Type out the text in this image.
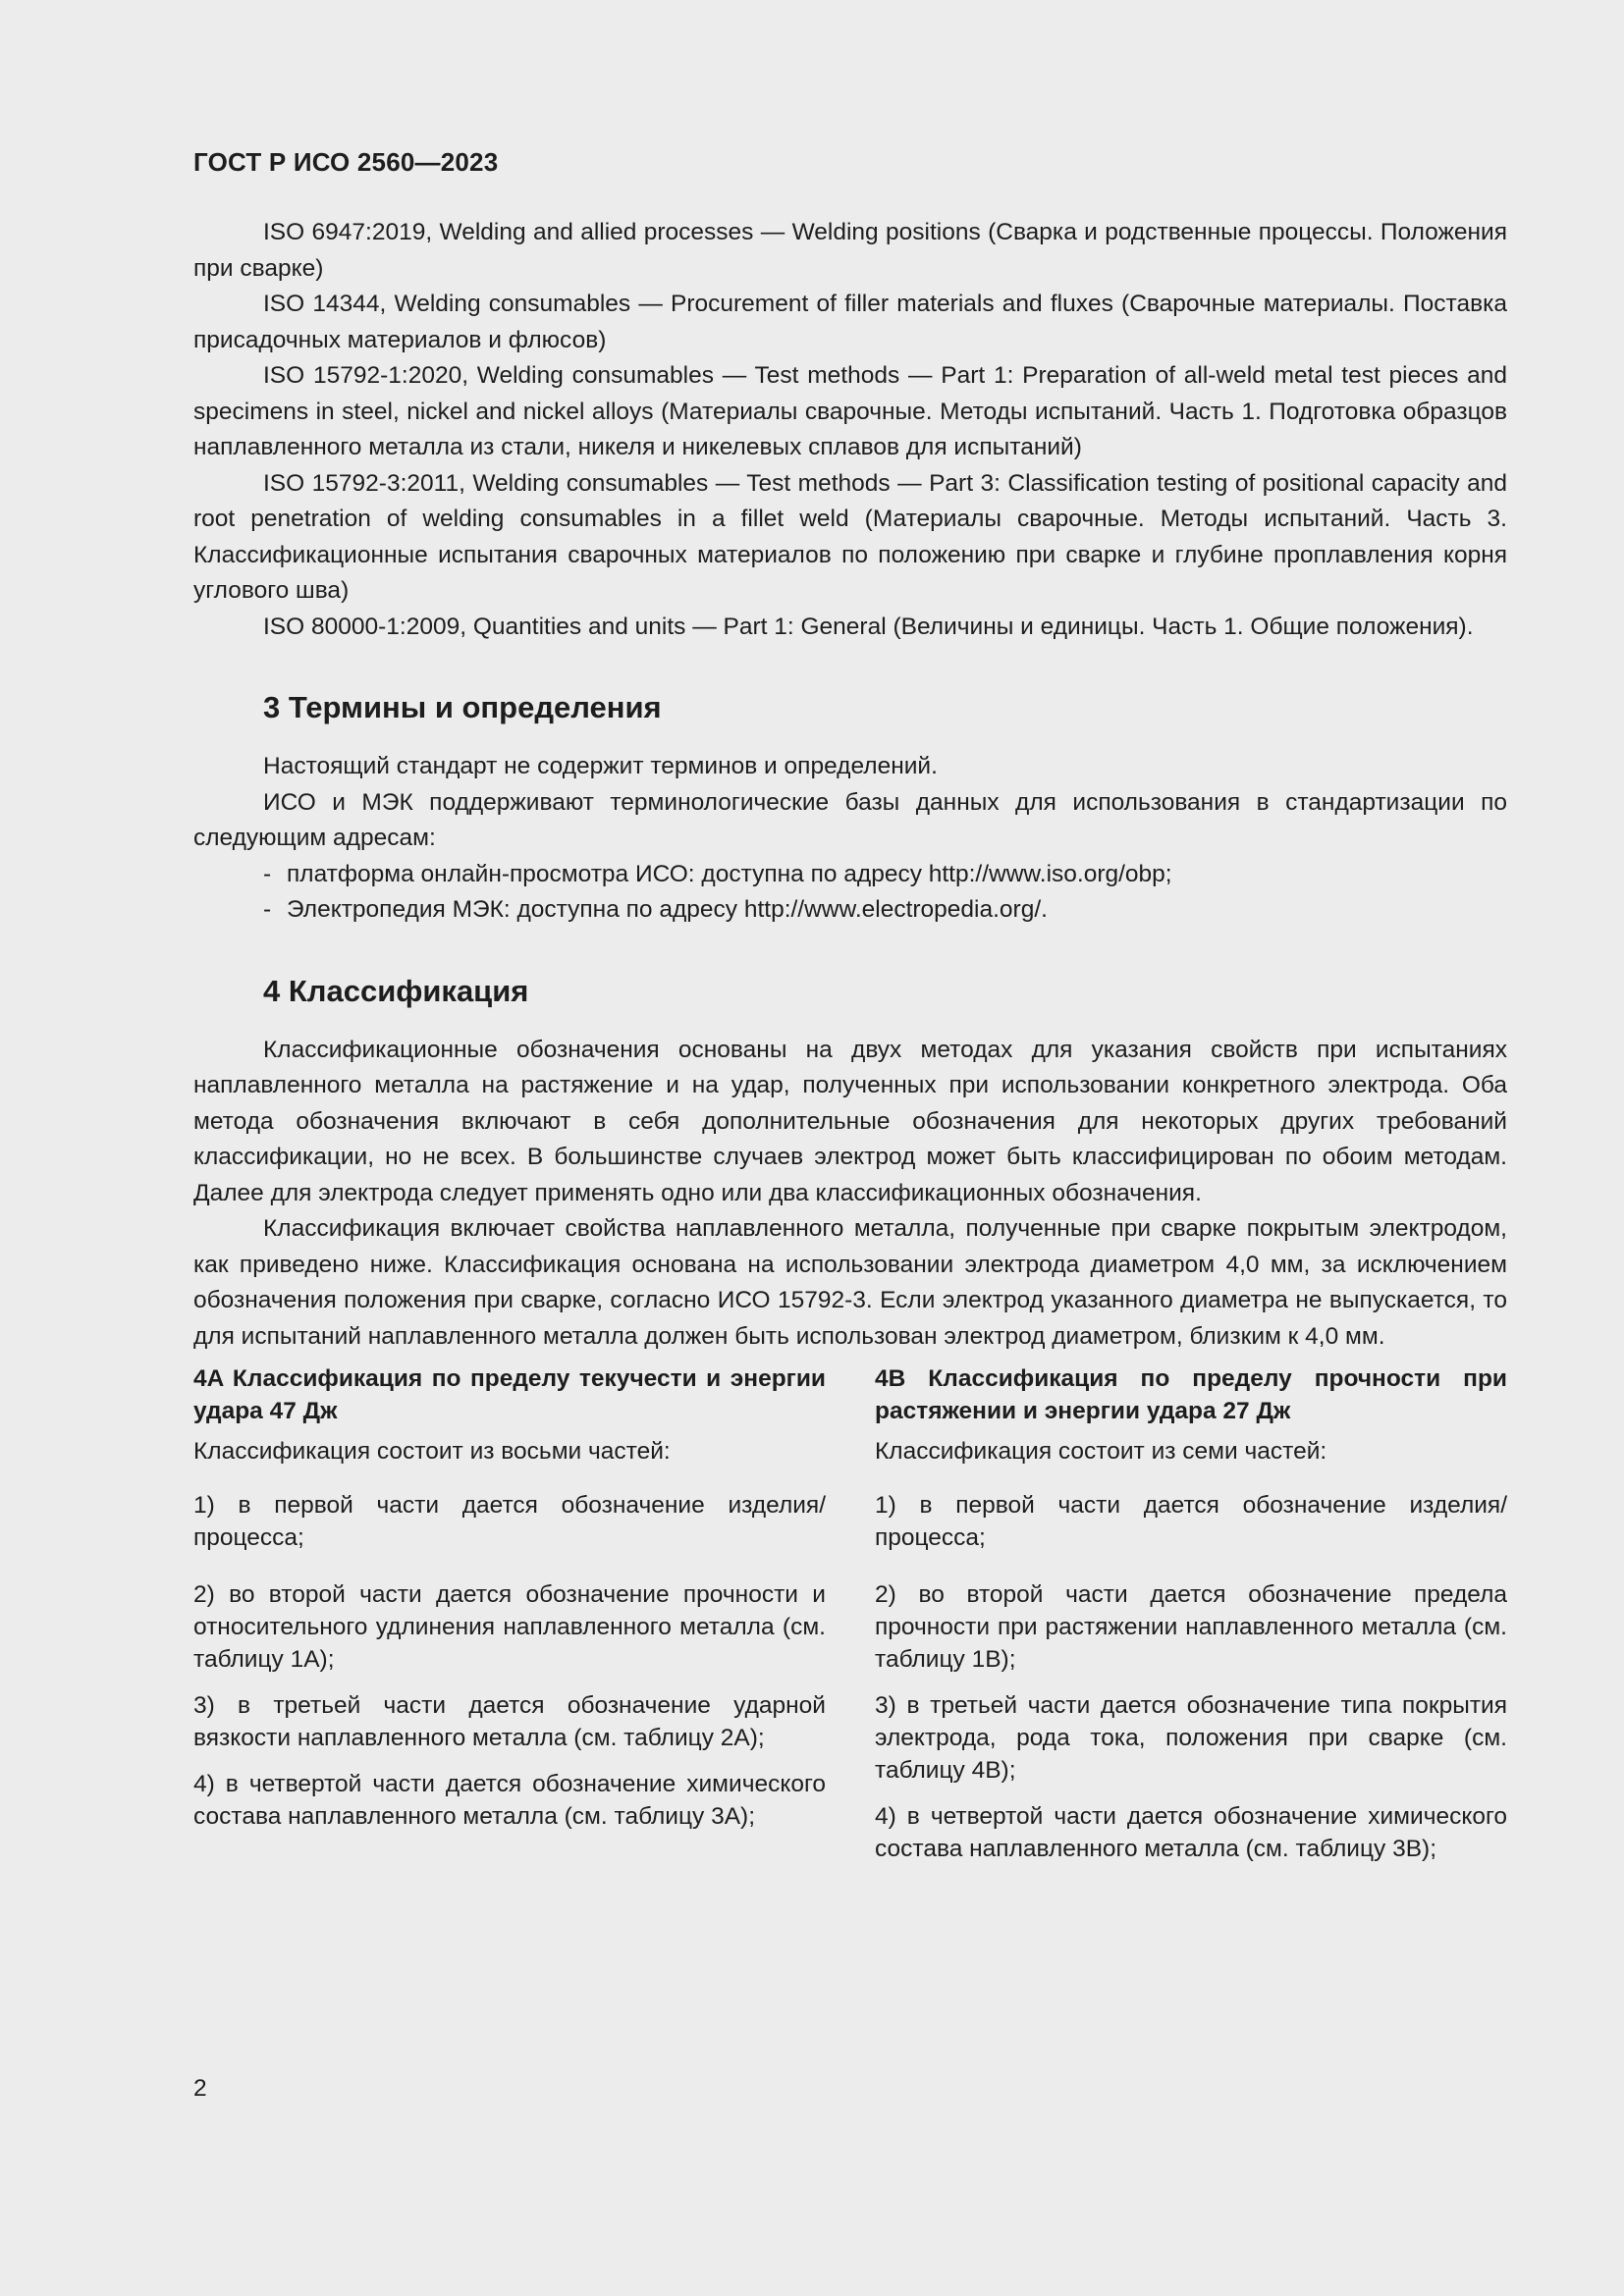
ГОСТ Р ИСО 2560—2023

ISO 6947:2019, Welding and allied processes — Welding positions (Сварка и родственные процессы. Положения при сварке)

ISO 14344, Welding consumables — Procurement of filler materials and fluxes (Сварочные материалы. Поставка присадочных материалов и флюсов)

ISO 15792-1:2020, Welding consumables — Test methods — Part 1: Preparation of all-weld metal test pieces and specimens in steel, nickel and nickel alloys (Материалы сварочные. Методы испытаний. Часть 1. Подготовка образцов наплавленного металла из стали, никеля и никелевых сплавов для испытаний)

ISO 15792-3:2011, Welding consumables — Test methods — Part 3: Classification testing of positional capacity and root penetration of welding consumables in a fillet weld (Материалы сварочные. Методы испытаний. Часть 3. Классификационные испытания сварочных материалов по положению при сварке и глубине проплавления корня углового шва)

ISO 80000-1:2009, Quantities and units — Part 1: General (Величины и единицы. Часть 1. Общие положения).

3 Термины и определения

Настоящий стандарт не содержит терминов и определений.

ИСО и МЭК поддерживают терминологические базы данных для использования в стандартизации по следующим адресам:

- платформа онлайн-просмотра ИСО: доступна по адресу http://www.iso.org/obp;
- Электропедия МЭК: доступна по адресу http://www.electropedia.org/.
4 Классификация

Классификационные обозначения основаны на двух методах для указания свойств при испытаниях наплавленного металла на растяжение и на удар, полученных при использовании конкретного электрода. Оба метода обозначения включают в себя дополнительные обозначения для некоторых других требований классификации, но не всех. В большинстве случаев электрод может быть классифицирован по обоим методам. Далее для электрода следует применять одно или два классификационных обозначения.

Классификация включает свойства наплавленного металла, полученные при сварке покрытым электродом, как приведено ниже. Классификация основана на использовании электрода диаметром 4,0 мм, за исключением обозначения положения при сварке, согласно ИСО 15792-3. Если электрод указанного диаметра не выпускается, то для испытаний наплавленного металла должен быть использован электрод диаметром, близким к 4,0 мм.

4A Классификация по пределу текучести и энергии удара 47 Дж

Классификация состоит из восьми частей:

1) в первой части дается обозначение изделия/процесса;

2) во второй части дается обозначение прочности и относительного удлинения наплавленного металла (см. таблицу 1А);

3) в третьей части дается обозначение ударной вязкости наплавленного металла (см. таблицу 2А);

4) в четвертой части дается обозначение химического состава наплавленного металла (см. таблицу 3А);

4B Классификация по пределу прочности при растяжении и энергии удара 27 Дж

Классификация состоит из семи частей:

1) в первой части дается обозначение изделия/процесса;

2) во второй части дается обозначение предела прочности при растяжении наплавленного металла (см. таблицу 1В);

3) в третьей части дается обозначение типа покрытия электрода, рода тока, положения при сварке (см. таблицу 4В);

4) в четвертой части дается обозначение химического состава наплавленного металла (см. таблицу 3В);

2
